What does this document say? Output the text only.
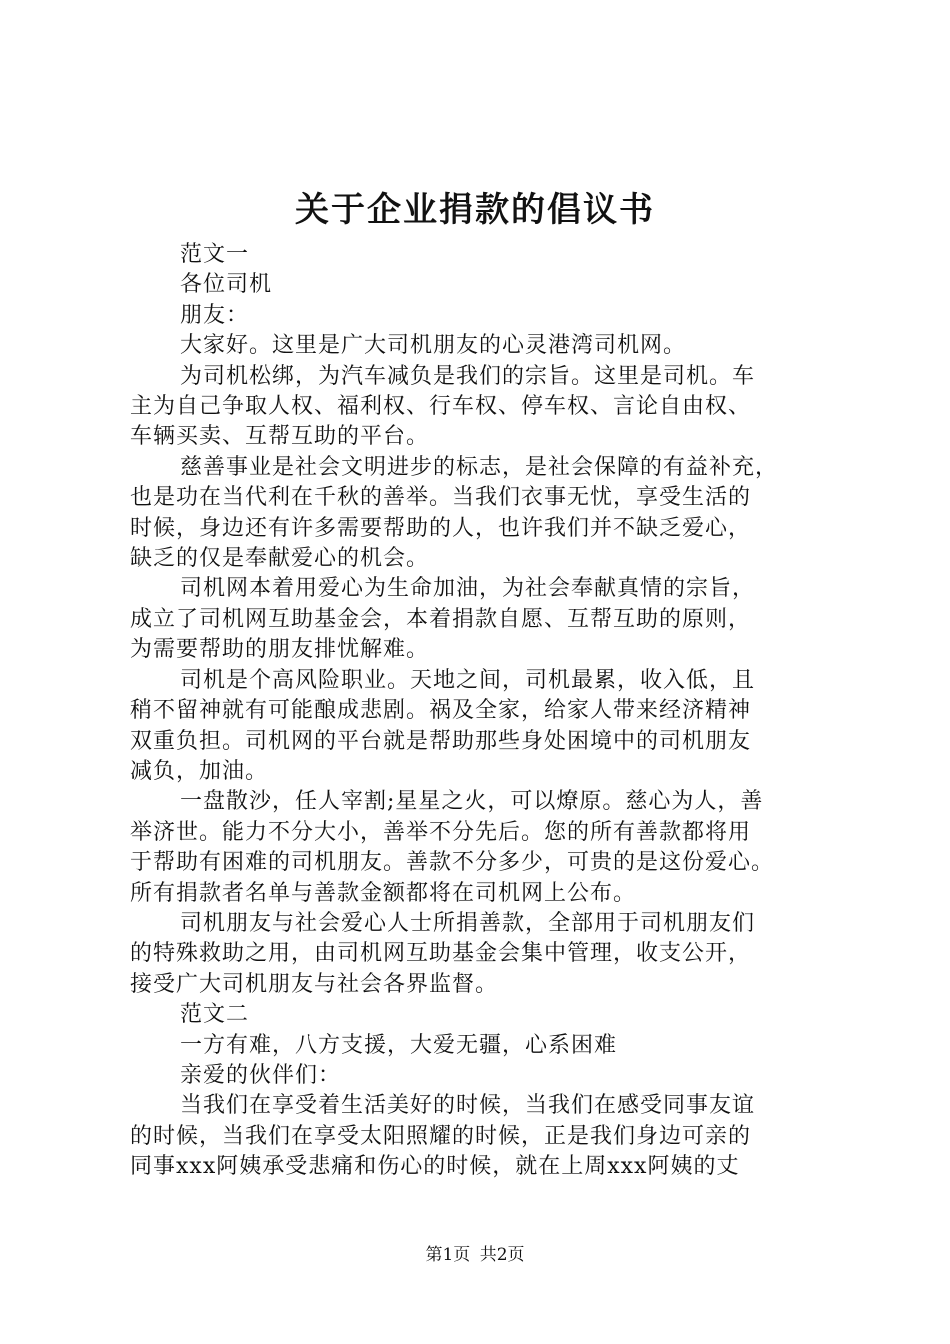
关于企业捐款的倡议书

范文一

各位司机

朋友：

大家好。这里是广大司机朋友的心灵港湾司机网。

为司机松绑，为汽车减负是我们的宗旨。这里是司机。车

主为自己争取人权、福利权、行车权、停车权、言论自由权、

车辆买卖、互帮互助的平台。

慈善事业是社会文明进步的标志，是社会保障的有益补充，

也是功在当代利在千秋的善举。当我们衣事无忧，享受生活的

时候，身边还有许多需要帮助的人，也许我们并不缺乏爱心，

缺乏的仅是奉献爱心的机会。

司机网本着用爱心为生命加油，为社会奉献真情的宗旨，

成立了司机网互助基金会，本着捐款自愿、互帮互助的原则，

为需要帮助的朋友排忧解难。

司机是个高风险职业。天地之间，司机最累，收入低，且

稍不留神就有可能酿成悲剧。祸及全家，给家人带来经济精神

双重负担。司机网的平台就是帮助那些身处困境中的司机朋友

减负，加油。

一盘散沙，任人宰割;星星之火，可以燎原。慈心为人，善

举济世。能力不分大小，善举不分先后。您的所有善款都将用

于帮助有困难的司机朋友。善款不分多少，可贵的是这份爱心。

所有捐款者名单与善款金额都将在司机网上公布。

司机朋友与社会爱心人士所捐善款，全部用于司机朋友们

的特殊救助之用，由司机网互助基金会集中管理，收支公开，

接受广大司机朋友与社会各界监督。

范文二

一方有难，八方支援，大爱无疆，心系困难

亲爱的伙伴们：

当我们在享受着生活美好的时候，当我们在感受同事友谊

的时候，当我们在享受太阳照耀的时候，正是我们身边可亲的

同事xxx阿姨承受悲痛和伤心的时候，就在上周xxx阿姨的丈

第1页 共2页
